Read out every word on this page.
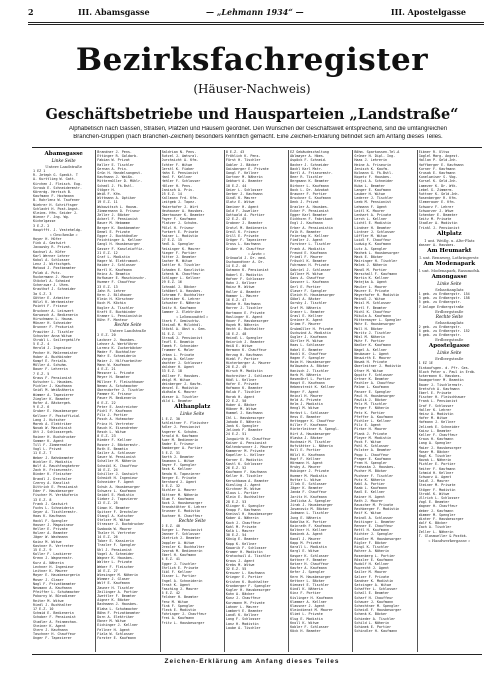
2	III. Abamsgasse	— „Lehmann 1934“ —	III. Apostelgasse
Bezirksfachregister
(Häuser-Nachweis)
Geschäftsbetriebe und Hausparteien „Landstraße“

Alphabetisch nach Gassen, Straßen, Plätzen und Häusern geordnet. Den Wünschen der Geschäftswelt entsprechend, sind die umfangreichen

Branchen-Gruppen (nach Branchen-Zeichen) besonders kenntlich gemacht. Eine Zeichen-Erklärung befindet sich am Anfang dieses Teiles.

Abamsgasse
Linke Seite
Untere Landstraße
1 EZ 1
R. Jeteph G. Spedit. T
A. Kurttlieg W. Gatt.
Kirchen J. Fleisch. Eug.
Scroub E. Schneidermstr.
Körerdg. Hertsch B.
Kaufmann F. Hochmann
B. Rohrlenz W. Taufener
Niehrer H. Schriftsger
Schlacht H. Post.Angst.
Kleinm. Hfm. Seider J.
Wiener F. Jng. Wg.
Kichelgasse
3 E.Z. 2
Hauptfft. J. Vesteheldg.
« Geschenke »
Hoyer H. Hüfer
Fink A. Gastwirt
Jacowsky R. Privat.
Kachsel A. Küfer
Karl Werner Lehrer
Kokol A. Schlosser
Lenz J. Wirtschgeh.
Matoud J. Postbeamter
Polak A. Putz.
Ruckermann J. Maurer
Stöckel A. Schmied
Scherzwar J. Uhrm.
Krauthof J. Schneider
3a S.Z. 3
Götter E. Arbeiter
Hölzl K. Werkmeister
Pointt F. Friseur
Bruckner A. Leinwert
Karwasch A. Bedienerin
Hirschmann L. Hausm.
Münzer H. Schneider
Brunner F. Prokurist
Prawiter J. Tischler
Schuster Anna Witwe
Strobl L. Seilergehilfe
5 E.Z. 4
Herold J. Ingenieur
Pecher H. Malermeister
Huber A. Buchbinder
Kompf E. Ferialb.
Müller A. Schuhm.
Bauer F. Lehrerin
7 E.Z. 5
Kraus F. Pensionist
Kutscher L. Hausbes.
Pichler J. Kaufmann
Seidl M. Weißnäherin
Wimmer A. Tapezierer
Ziegler K. Beamter
Hofer A. Bäckergeh.
9 E.Z. 6
Gruber E. Hausbesorger
Kellner F. Postoffizial
Lang J. Kutscher
Marek A. Elektriker
Novak W. Maschinist
Ott J. Schlossergeh.
Rainer H. Buchdrucker
Sommer K. Agent
Till F. Zimmermaler
Vogl L. Privat
11 E.Z. 7
Weber J. Bahnbeamter
Winkler E. Modistin
Wolf A. Rauchfangkehrer
Zach H. Friseurmstr.
Binder K. Fleischer
Brandl J. Drechsler
Czerny A. Kanzlist
Dittrich E. Pensionist
Eder F. Hausbesorger
Fischer M. Verkäuferin
13 E.Z. 8
Frank J. Gastwirt
Fuchs L. Schneiderin
Geyer A. Tischlermstr.
Haas K. Kaufmann
Hackl F. Spengler
Hauser J. Magazineur
Heller E. Private
Holzer A. Beamter
Jäger W. Wachmann
Kainz M. Witwe
Kastner R. Vertreter
15 E.Z. 9
Koller F. Lackierer
Krenn J. Wagnermstr.
Kurz A. Näherin
Lechner H. Ingenieur
Leitner K. Maurer
Mayer E. Hausbesorgerin
Moser J. Glaser
Nagl F. Privatbeamter
Neumann A. Kaufmann
Pfeiffer L. Schuhmacher
Pokorny W. Bürodiener
Reiter M. Witwe
Riedl J. Buchhalter
17 E.Z. 10
Schmid E. Bedienerin
Schober F. Pensionist
Stadler A. Feinmechan.
Steiner K. Agent
Stern J. Kaufmann
Taschner H. Chauffeur
Unger F. Tapezierer
Brandner J. Pens.
Ettinger R. Goldarb.
Fabian W. Privat
Haller E. Tischler
Gernan A. Prin.
Grün H. Handelsangest.
Kaufmann J. Weißn.
Mittermüller D. Mühlr.
Schedl J. Fk.Bstl.
Stöger H.
Weiß F. Kfm.
Wittmann A. Optiker
19 E.Z. 11
Wukowitsch L. Hausm.
Zimmermann O. Friseur
Zeller J. Bäcker
Ackerl F. Pensionist
Bauer M. Hebamme
Berger K. Bankbeamter
Demel E. Private
Egger J. Buchhändler
Feichtinger A. Kellner
Gangl H. Hausbesorger
Gasser F. Kanzleioffiz.
21 E.Z. 12
Graf L. Modistin
Hager W. Elektromont.
Haider J. Schlosser
Hartl K. Kaufmann
Heinz A. Beamtin
Hofbauer E. Maschinschr.
Huemer F. Chauffeur
23 E.Z. 13
Jahn R. Lehrer
Kern J. Bildhauer
Klein H. Kürschner
Koch M. Köchin
Kogler A. Tischler
Kraft E. Buchbinder
Kramer L. Pensionistin
Kühn F. Monteur
Rechte Seite
Untere Landstraße
2 E.Z. 20
Lackner J. Hausbes.
Lehner A. Werkführer
Lorenz K. Zuckerbäcker
Mader F. Buchhalter
Mahr E. Schneiderin
Maier J. Hilfsarbeiter
Mann W. Kaufmann
4 E.Z. 21
Messner L. Private
Meyer H. Beamter
Müllner F. Fleischhauer
Nemec A. Schuhmacher
Oberndorfer J. Tischler
Pammer K. Friseur
Pauer M. Bedienerin
6 E.Z. 22
Peter E. Anstreicher
Pichl F. Kaufmann
Pilz J. Portier
Posch A. Hutmacher
Prinz H. Vertreter
Rauch K. Eisendreher
Resch L. Witwe
8 E.Z. 23
Rieder F. Kellner
Rosner J. Bäckermstr.
Roth E. Beamtin
Sailer A. Schlosser
Sauer W. Pensionist
Schaller M. Näherin
Scheibl K. Chauffeur
10 E.Z. 24
Schiller J. Gastwirt
Schmidt H. Ingenieur
Schneider F. Agent
Schuh A. Hausbesorger
Schwarz L. Kaufmann
Seidel E. Modistin
Sieber J. Tapezierer
12 E.Z. 25
Simon K. Beamter
Spitzer F. Drechsler
Stangl A. Kutscher
Stelzer M. Witwe
Strasser J. Buchdrucker
Swoboda W. Maurer
Thaler H. Vertreter
14 E.Z. 26
Tober E. Kassierin
Traxler F. Spengler
Uhl J. Pensionist
Vogel A. Schneider
Wagner K. Hausbes.
Walter L. Private
Weber F. Fleischer
16 E.Z. 27
Wiesinger M. Näherin
Wimmer J. Glaser
Wolf E. Kaufmann
Zauner H. Tischler
Zeilinger A. Portier
Zwettler F. Beamter
Aigner K. Bäcker
Bachmann J. Hausbes.
Blaha L. Schuhmacher
Böhm F. Privatbeamter
Dorn A. Elektriker
Ebner M. Witwe
Eichinger J. Kellner
Fellner H. Agent
Fiala W. Schlosser
Forster E. Kaufmann
Baldrian N. Pens.
Butzel J. Amtsral.
Durchsicht A. Kfm.
Echter F. Witwe
Gerstl K. Fiaker
Hahn E. Pensionist
Hanl F. Kellner
Hehler F. Schlosser
Hölzer H. Pens.
Janisch A. Priv.
25 E.Z. 14
Kallmann Frd. Kfm.
Leitgeb J. Tapez.
Maierhofer J. Wirt
Neuhauser A. Hausbes.
Oberhauser K. Beamter
Payer F. Kaufmann
Platzer J. Schuhm.
Pölzl H. Friseur
Purkert E. Private
Rainer L. Modistin
27 E.Z. 15
Redl A. Spengler
Reisinger K. Maurer
Rieger F. Portier
Ritter J. Beamter
Sacher M. Witwe
Sattler H. Tischler
Schaden E. Kanzlistin
Schenk W. Chauffeur
Schlager L. Kellner
29 E.Z. 16
Schnabl J. Bäcker
Schöberl A. Hausbes.
Schramm F. Buchhalter
Schreiber K. Lehrer
Schuster E. Näherin
Seitz H. Kaufmann
Sommer J. Elektriker
« Lebensmittel »
Stark F. Gemischtw.
Steindl M. Milchhdl.
Stöckl A. Obst u. Gem.
31 E.Z. 17
Strauß J. Pensionist
Teufl E. Beamtin
Tomek F. Schneider
Trummer K. Maler
Urban L. Private
Varga A. Kellner
Wachter J. Schlosser
Waldner H. Agent
33 E.Z. 18
Wallner F. Hausbes.
Weigl M. Witwe
Weinberger J. Kaufm.
Wenzel E. Modistin
Widhalm K. Maurer
Wieser A. Tischler
Wild L. Beamter
Althanplatz
Linke Seite
1 E.Z. 30
Achleitner F. Fleischer
Adler J. Pensionist
Angerer K. Schuhm.
Arnold H. Kaufmann
Auer M. Bedienerin
Bader E. Friseur
Bamberger A. Portier
3 E.Z. 31
Barth J. Beamter
Baumann L. Witwe
Bayer F. Spengler
Beck K. Kellner
Benda H. Tapezierer
Berger E. Private
Bernhard J. Agent
5 E.Z. 32
Bichler A. Maurer
Bittner M. Näherin
Blum F. Kaufmann
Bock J. Hausbesorger
Brandstätter K. Lehrer
Brunner E. Modistin
Buchner H. Chauffeur
Rechte Seite
2 E.Z. 40
Burger L. Pensionist
Danner F. Schlosser
Dietrich J. Beamter
Doppler A. Witwe
Drexler K. Buchhalter
Dvorak M. Bedienerin
Eberl H. Kaufmann
4 E.Z. 41
Egger J. Tischler
Ehrlich E. Private
Eibl F. Kellner
Eisner L. Portier
Engel A. Schneiderin
Ernst K. Agent
Fasching J. Maurer
6 E.Z. 42
Feldner H. Beamter
Fenz M. Witwe
Fink F. Spengler
Fleck E. Modistin
Fohringer J. Chauffeur
Frei A. Kaufmann
Fritz L. Hausbesorger
8 E.Z. 43
Fröhlich K. Pens.
Fürst H. Tischler
Gabler J. Bäcker
Gaisberger E. Private
Gangl F. Kellner
Gartner M. Näherin
Gebhart A. Beamter
10 E.Z. 44
Geier L. Schlosser
Gerber J. Kaufmann
Gindl K. Maurer
Glatz E. Witwe
Gmeiner H. Agent
Gold F. Juwelier
Gottwald A. Portier
12 E.Z. 45
Grabner J. Beamter
Gratzl M. Bedienerin
Greil K. Friseur
Grill E. Private
Gröger F. Tapezierer
Gross L. Kaufmann
Gruber H. Chauffeur
« Ärzte »
Grünwald J. Dr. med.
Gschwandtner A. Dr.
14 E.Z. 46
Gutmann K. Pensionist
Haberl E. Modistin
Hafner F. Schlosser
Hahn J. Kellner
Hainz M. Witwe
Haller A. Beamter
Hammer L. Maurer
16 E.Z. 47
Hanke H. Kaufmann
Harrer J. Tischler
Hartmann E. Private
Haslinger K. Agent
Hauer F. Hausbesorger
Hayek M. Näherin
Hecht A. Buchhalter
18 E.Z. 48
Heindl L. Spengler
Heinrich J. Beamter
Heiß E. Witwe
Hermann K. Chauffeur
Herzog H. Kaufmann
Hiebl F. Portier
Hinterberger A. Maurer
20 E.Z. 49
Hirsch M. Modistin
Hochreiter J. Schlosser
Hödl L. Kellner
Hofer E. Private
Hofmann K. Beamter
Holub F. Tischler
Horak H. Agent
22 E.Z. 50
Huber A. Bäcker
Hübner M. Witwe
Hummel J. Kaufmann
Ihl L. Hausbesorger
Jahoda E. Näherin
Jank K. Spengler
Jelinek F. Beamter
24 E.Z. 51
Jungwirth H. Chauffeur
Kaiser A. Pensionist
Kaltenbrunner J. Maurer
Kammerer M. Private
Kapeller L. Kellner
Karner E. Modistin
Kastl K. Schlosser
26 E.Z. 52
Kaufmann F. Kaufmann
Keller H. Tischler
Kerschbaum A. Beamter
Kiesling J. Agent
Kirchner M. Witwe
Klaus L. Portier
Klein E. Buchhalter
28 E.Z. 53
Klinger K. Spengler
Knapp F. Kaufmann
Kneissl H. Hausbesorger
Kober A. Näherin
Koch J. Chauffeur
Kohl M. Private
Kolb L. Maurer
30 E.Z. 54
König E. Beamter
Kopp K. Kellner
Kowarik F. Schlosser
Kramer H. Modistin
Kratochwil A. Tischler
Kraus J. Agent
Krebs M. Witwe
32 E.Z. 55
Kreuzer L. Kaufmann
Krieger E. Portier
Kristen K. Buchhalter
Kronberger F. Spengler
Kugler H. Hausbesorger
Kuhn A. Bäcker
Kunz J. Chauffeur
Kurzmann M. Private
Lahner L. Maurer
Lambert E. Beamter
Landl K. Kellner
Lang F. Schlosser
Lanz H. Modistin
Laube A. Tischler
EZ Gebäudeschaltung
Ablmayer A. Hbes.
Aspöck F. Schneid.
Bacher J. Schneider
Bachl Karl Mstr.
Bartl A. Friseurmstr.
Beer R. Tischler
Bergmann K. Beamter
Birkner L. Kaufmann
Bock L. Dr. Advokat
Brauner F. Portier
Bruckner S. Kaufmann
Denk J. Privat
Draxler A. Hausbes.
Ecker P. Pensionist
Egger Karl Beamter
Eichhorn F. Fabrikant
Engl J. Kaufmann
Erber A. Pensionistin
Falk R. Beamter
Feiertag K. Kellner
Fiedler J. Agent
Forstner L. Tischler
Frank A. Modistin
Freund E. Kaufmann
Friedl F. Maurer
Fröschl K. Beamter
Fuhrmann H. Private
Gabriel J. Schlosser
Gallner M. Witwe
Gans A. Chauffeur
Gassner L. Kaufmann
Gerl E. Portier
Glaser F. Spengler
Gleich H. Hausbesorger
Göbel A. Bäcker
Gorsky J. Tischler
Graf M. Näherin
Graner L. Beamter
Grasl E. Kellner
Greiner K. Agent
Grimm F. Maurer
Grubmüller H. Private
Gschwind A. Modistin
Gugler J. Kaufmann
Gürtler M. Witwe
Haas L. Schlosser
Habel E. Beamter
Hackl K. Chauffeur
Hagen F. Spengler
Haim H. Hausbesorger
Halbwachs A. Bäcker
Hanisch J. Tischler
Harb M. Näherin
Hasenöhrl L. Portier
Haupt E. Kaufmann
Hebenstreit K. Kellner
Heger F. Agent
Heinzl H. Maurer
Held A. Private
Helm J. Modistin
Hengl M. Witwe
Herbst L. Schlosser
Hess E. Beamter
Hettegger K. Chauffeur
Hiller F. Kaufmann
Hinterleitner H. Spengl.
Hirt A. Hausbesorger
Hlavka J. Bäcker
Hochmair M. Tischler
Hofstätter L. Näherin
Holl E. Portier
Hölzl K. Kaufmann
Hopf F. Kellner
Hörmann H. Agent
Hruby A. Maurer
Hubinger J. Private
Huemer M. Modistin
Huttar L. Witwe
Illek E. Schlosser
Jäger K. Beamter
Janda F. Chauffeur
Jaritz H. Kaufmann
Jedlicka A. Spengler
Jirak J. Hausbesorger
Jovanovic M. Bäcker
Judmann L. Tischler
Jung E. Näherin
Kabelka K. Portier
Kainrath F. Kaufmann
Kaltner H. Kellner
Kaminek A. Agent
Kandl J. Maurer
Kapp M. Private
Karall L. Modistin
Kargl E. Witwe
Kasper K. Schlosser
Kattner F. Beamter
Katzer H. Chauffeur
Kaufer A. Kaufmann
Kefer J. Spengler
Kern M. Hausbesorger
Kettner L. Bäcker
Kienast E. Tischler
Kindl K. Näherin
Kinz F. Portier
Kislinger H. Kaufmann
Klammer A. Kellner
Klausner J. Agent
Kleindienst M. Maurer
Klimt L. Private
Klug E. Modistin
Knoll K. Witwe
Kobler F. Schlosser
Köck H. Beamter
Böhm. Sparkassen.Tel.A
Grüner H. Dipl. Ing.
Haas J. Lehrerin
Heine A. Friseurin
Jenisch K. Kaufm.
Kolmann G. Fk.Bstl.
Kopetz F. Hausbes.
Krejci A. Schneider
Kuba L. Beamter
Langer E. Kaufmann
Lauber H. Witwe
Lederer J. Tischler
Leeb M. Pensionist
Lehmann F. Agent
Leitl K. Maurer
Lenhart A. Private
Lerch L. Kellner
Lichtl E. Modistin
Lindner H. Beamter
Lintner J. Schlosser
Löffler M. Witwe
Loidl F. Chauffeur
Ludwig K. Kaufmann
Lutz A. Spengler
Machek L. Hausbesorger
Mack E. Bäcker
Mairinger H. Tischler
Malek J. Näherin
Mandl M. Portier
Marschall F. Kaufmann
Martin K. Kellner
Matejka A. Agent
Mauler L. Maurer
Maurer E. Private
Mayerhofer H. Modistin
Meindl J. Witwe
Meisl M. Schlosser
Mertl F. Beamter
Michl K. Chauffeur
Mikula A. Kaufmann
Mittermayer L. Spengler
Mohr E. Hausbesorger
Moll H. Bäcker
Moritz J. Tischler
Mösl M. Näherin
Muhr F. Portier
Nadler K. Kaufmann
Nagel A. Kellner
Neubauer L. Agent
Neuwirth E. Maurer
Nowak H. Private
Oberleitner J. Modistin
Ofner M. Witwe
Oppitz F. Schlosser
Ortner K. Beamter
Pachler A. Chauffeur
Palme L. Kaufmann
Panzer E. Spengler
Paul H. Hausbesorger
Pawlik J. Bäcker
Pelz M. Tischler
Perger F. Näherin
Petz K. Portier
Pfeffer A. Kaufmann
Pichler L. Kellner
Pilz E. Agent
Pirker H. Maurer
Plank J. Private
Pleyer M. Modistin
Pock F. Witwe
Pohl K. Schlosser
Polster A. Beamter
Popp L. Chauffeur
Prager E. Kaufmann
Prem H. Spengler
Prohaska J. Hausbes.
Pucher M. Bäcker
Puchner F. Tischler
Putz K. Näherin
Rabl A. Portier
Raab L. Kaufmann
Radl E. Kellner
Rainer H. Agent
Rath J. Maurer
Rauscher M. Private
Rechberger F. Modistin
Reif K. Witwe
Reindl A. Schlosser
Reitinger L. Beamter
Renner E. Chauffeur
Rettl H. Kaufmann
Richter J. Spengler
Riedler M. Hausbesorger
Rigler F. Bäcker
Ringl K. Tischler
Rohrer A. Näherin
Rosenberg L. Portier
Rössler E. Kaufmann
Rudolf H. Kellner
Ruprecht J. Agent
Sailer M. Maurer
Salzer F. Private
Sandner K. Modistin
Satzinger A. Witwe
Schaffer L. Schlosser
Schall E. Beamter
Scharf H. Chauffeur
Schauer J. Kaufmann
Schechtner M. Spengler
Scheidl F. Hausbesorger
Schenk K. Bäcker
Schieder A. Tischler
Schild L. Näherin
Schimek E. Portier
Schindler H. Kaufmann
Eibner R. Ultso
Goglel Marg. Angest.
Hallan P. Geld.Jnh.
Hoffberger E. Kaufmann
Kurner F. Kaufmann
Krusak E. Kaufmann
Kunelweiser S. Vbg.
Kursel K. Geld.Jnh.
Lamezer K. Dr. Wtk.
Lebel G. Zimmerm.
Ruttner K. Geld.Jnh.
Rosenberger R. Kfm.
Slemerauer E. Kfm.
Schwarz F. Lehrer
Schwarzer J. Wtwe
Schenker E. Beamter
Seitz M. Private
Stadler A. Modistin
Trinkl J. Pensionist
Altplatz
1 unt. Weißg. u. Alte-Platz
Wasner A. Hausbes.
Am Heumarkt
l. unt. Rennweg, Lothringerstr.
Am Modenapark
l. unt. Modenapark, Rasumofsk.
Amongasse
Linke Seite
Sebastianplatz
1 geb. zu Erdbergstr. 154
3 geb. zu Erdbergstr. 158
5 geb. zu Erdbergstr.
7 Anlage Erdbergstraße
Erdbergstraße
Rechte Seite
Sebastianplatz
2 geb. zu Erdbergstr.
4 geb. zu Erdbergstr. 152
6 geb. zu Erdbergstr.
Erdbergstraße
Apostelgasse
Linke Seite
Erdbergstraße
1 EZ 1E
Einkaufsgen. d. Pfr. Ges.
Bloch Peter u. Paul in Erdb.
Ackermann K. Hausbes.
Baumgartner M. Beamtin
Bauer J. Tischlermstr.
Bretsfch A. Kaufmann
Eberl E. Private
Fischer H. Fleischhauer
Frank L. Pensionist
Graf F. Schlosser
Haller K. Lehrer
Heinz A. Modistin
Hofer M. Witwe
Hofmann J. Kellner
Jelinek E. Schneider
Kainz L. Beamter
Keller F. Chauffeur
Kraus H. Kaufmann
Lang A. Spengler
Maier J. Hausbesorger
Moser M. Bäcker
Nagl K. Tischler
Novak L. Näherin
Pichler E. Portier
Reiter F. Kaufmann
Schmid H. Kellner
Schwarz A. Agent
Seidl J. Maurer
Steiner M. Private
Stöger F. Modistin
Strobl K. Witwe
Ullrich L. Schlosser
Vogl E. Beamter
Wagner H. Chauffeur
Weber J. Kaufmann
Wimmer M. Spengler
Winter F. Hausbesorger
Wolf K. Bäcker
Zach A. Tischler
Zeller L. Näherin
T. Glasmueller & Postbk.
« Handwerkergasse »
Zeichen-Erklärung am Anfang dieses Teiles
